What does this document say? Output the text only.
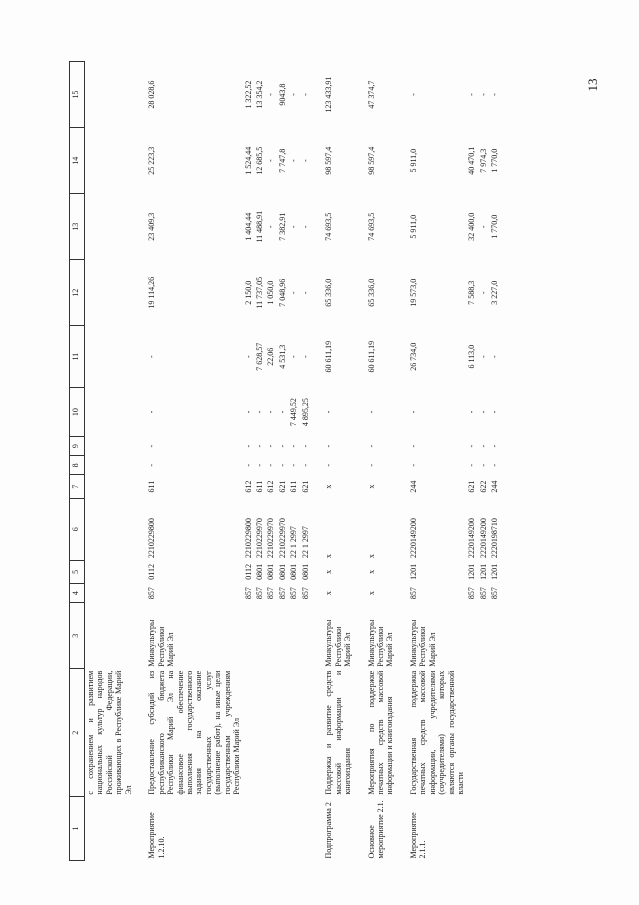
13
1	2	3	4	5	6	7	8	9	10	11	12	13	14	15
	с сохранением и развитием национальных культур народов Российской Федерации, проживающих в Республике Марий Эл													

Мероприятие 1.2.10.	Предоставление субсидий из республиканского бюджета Республики Марий Эл на финансовое обеспечение выполнения государственного задания на оказание государственных услуг (выполнение работ), на иные цели государственным учреждениям Республики Марий Эл	Минкультуры Республики Марий Эл	857	0112	2210229800	611	-	-	-	-	19 114,26	23 409,3	25 223,3	28 028,6
			857	0112	2210229800	612	-	-	-	-	2 150,0	1 404,44	1 524,44	1 322,52
			857	0801	2210229970	611	-	-	-	7 628,57	11 737,05	11 488,91	12 685,5	13 354,2
			857	0801	2210229970	612	-	-	-	22,06	1 050,0	-	-	-
			857	0801	2210229970	621	-	-	-	4 531,3	7 048,96	7 382,91	7 747,8	9043,8
			857	0801	22 1 2997	611	-	-	7 449,52	-	-	-	-	-
			857	0801	22 1 2997	621	-	-	4 895,25	-	-	-	-	-

Подпрограмма 2	Поддержка и развитие средств массовой информации и книгоиздания	Минкультуры Республики Марий Эл	x	x	x	x	-	-	-	60 611,19	65 336,0	74 693,5	98 597,4	123 433,91

Основное мероприятие 2.1.	Мероприятия по поддержке печатных средств массовой информации и книгоиздания	Минкультуры Республики Марий Эл	x	x	x	x	-	-	-	60 611,19	65 336,0	74 693,5	98 597,4	47 374,7

Мероприятие 2.1.1.	Государственная поддержка печатных средств массовой информации, учредителями (соучредителями) которых являются органы государственной власти	Минкультуры Республики Марий Эл	857	1201	2220149200	244	-	-	-	26 734,0	19 573,0	5 911,0	5 911,0	-
			857	1201	2220149200	621	-	-	-	6 113,0	7 588,3	32 400,0	40 470,1	-
			857	1201	2220149200	622	-	-	-	-	-	-	7 974,3	-
			857	1201	2220198710	244	-	-	-	-	3 227,0	1 770,0	1 770,0	-
